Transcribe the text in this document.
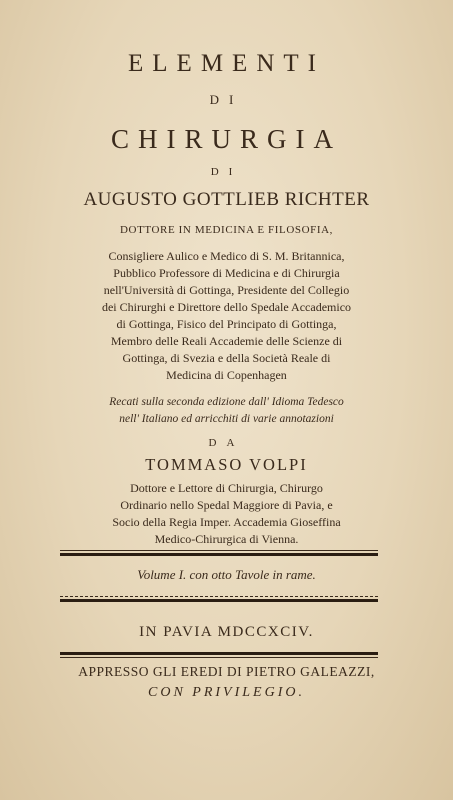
ELEMENTI

DI

CHIRURGIA

DI

AUGUSTO GOTTLIEB RICHTER

DOTTORE IN MEDICINA E FILOSOFIA,

Consigliere Aulico e Medico di S. M. Britannica,

Pubblico Professore di Medicina e di Chirurgia

nell'Università di Gottinga, Presidente del Collegio

dei Chirurghi e Direttore dello Spedale Accademico

di Gottinga, Fisico del Principato di Gottinga,

Membro delle Reali Accademie delle Scienze di

Gottinga, di Svezia e della Società Reale di

Medicina di Copenhagen

Recati sulla seconda edizione dall' Idioma Tedesco

nell' Italiano ed arricchiti di varie annotazioni

DA

TOMMASO VOLPI

Dottore e Lettore di Chirurgia, Chirurgo

Ordinario nello Spedal Maggiore di Pavia, e

Socio della Regia Imper. Accademia Gioseffina

Medico-Chirurgica di Vienna.

Volume I. con otto Tavole in rame.

IN PAVIA MDCCXCIV.

APPRESSO GLI EREDI DI PIETRO GALEAZZI,

CON PRIVILEGIO.
